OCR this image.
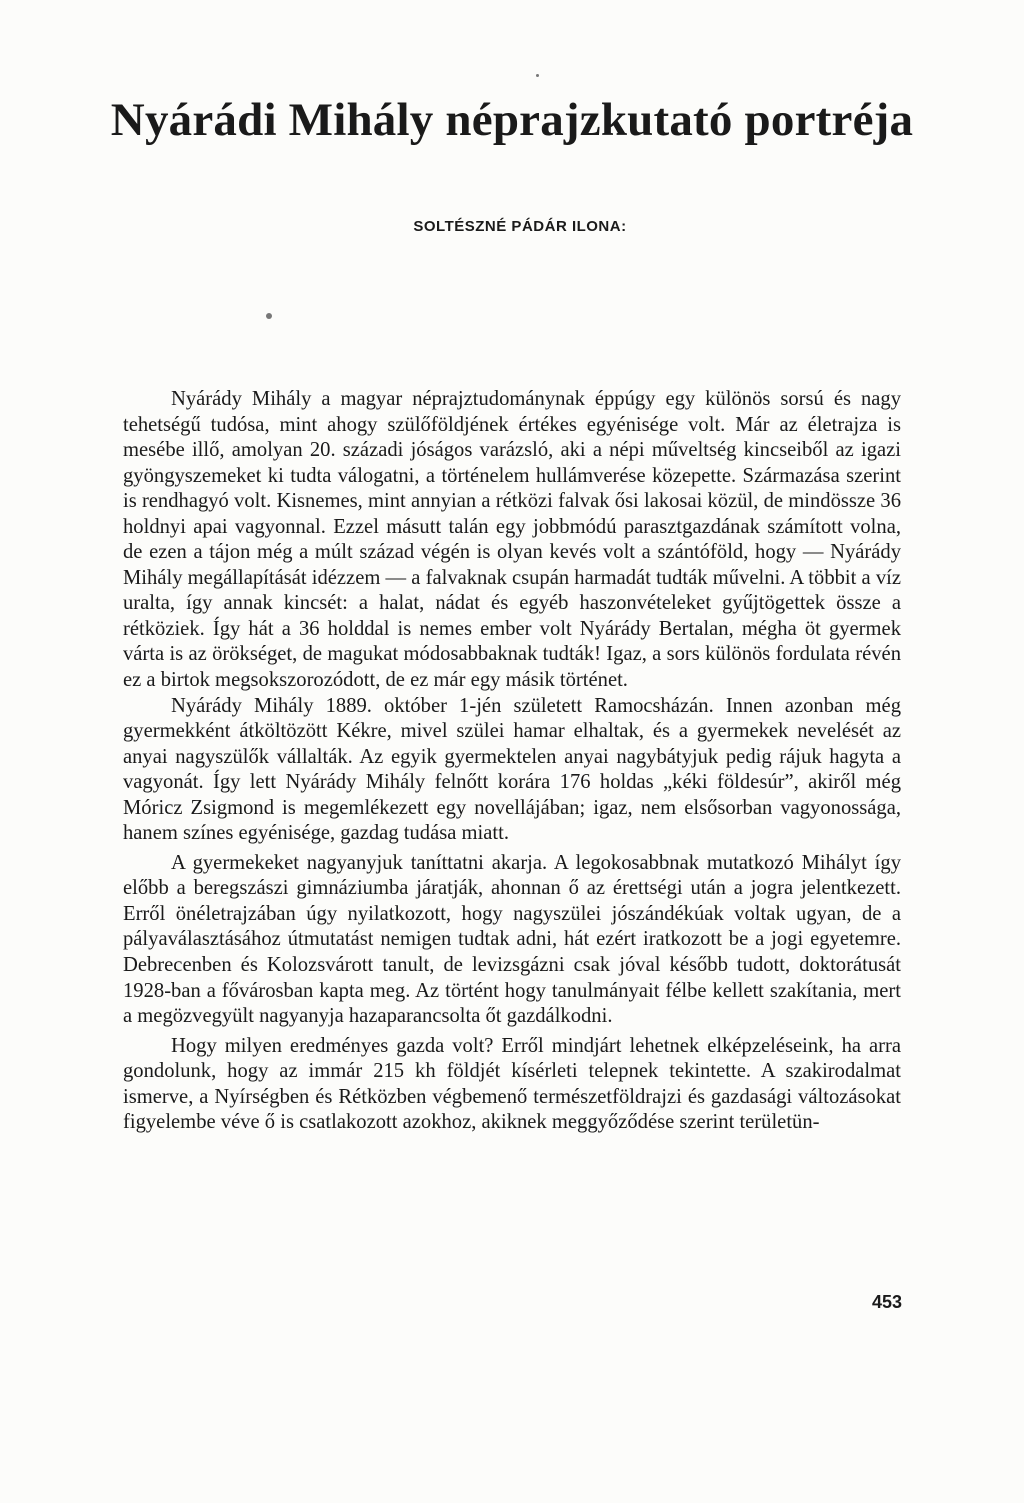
Nyárádi Mihály néprajzkutató portréja

SOLTÉSZNÉ PÁDÁR ILONA:

Nyárády Mihály a magyar néprajztudománynak éppúgy egy különös sorsú és nagy tehetségű tudósa, mint ahogy szülőföldjének értékes egyénisége volt. Már az életrajza is mesébe illő, amolyan 20. századi jóságos varázsló, aki a népi műveltség kincseiből az igazi gyöngyszemeket ki tudta válogatni, a történelem hullámverése közepette. Származása szerint is rendhagyó volt. Kisnemes, mint annyian a rétközi falvak ősi lakosai közül, de mindössze 36 holdnyi apai vagyonnal. Ezzel másutt talán egy jobbmódú parasztgazdának számított volna, de ezen a tájon még a múlt század végén is olyan kevés volt a szántóföld, hogy — Nyárády Mihály megállapítását idézzem — a falvaknak csupán harmadát tudták művelni. A többit a víz uralta, így annak kincsét: a halat, nádat és egyéb haszonvételeket gyűjtögettek össze a rétköziek. Így hát a 36 holddal is nemes ember volt Nyárády Bertalan, mégha öt gyermek várta is az örökséget, de magukat módosabbaknak tudták! Igaz, a sors különös fordulata révén ez a birtok megsokszorozódott, de ez már egy másik történet.

Nyárády Mihály 1889. október 1-jén született Ramocsházán. Innen azonban még gyermekként átköltözött Kékre, mivel szülei hamar elhaltak, és a gyermekek nevelését az anyai nagyszülők vállalták. Az egyik gyermektelen anyai nagybátyjuk pedig rájuk hagyta a vagyonát. Így lett Nyárády Mihály felnőtt korára 176 holdas „kéki földesúr”, akiről még Móricz Zsigmond is megemlékezett egy novellájában; igaz, nem elsősorban vagyonossága, hanem színes egyénisége, gazdag tudása miatt.

A gyermekeket nagyanyjuk taníttatni akarja. A legokosabbnak mutatkozó Mihályt így előbb a beregszászi gimnáziumba járatják, ahonnan ő az érettségi után a jogra jelentkezett. Erről önéletrajzában úgy nyilatkozott, hogy nagyszülei jószándékúak voltak ugyan, de a pályaválasztásához útmutatást nemigen tudtak adni, hát ezért iratkozott be a jogi egyetemre. Debrecenben és Kolozsvárott tanult, de levizsgázni csak jóval később tudott, doktorátusát 1928-ban a fővárosban kapta meg. Az történt hogy tanulmányait félbe kellett szakítania, mert a megözvegyült nagyanyja hazaparancsolta őt gazdálkodni.

Hogy milyen eredményes gazda volt? Erről mindjárt lehetnek elképzeléseink, ha arra gondolunk, hogy az immár 215 kh földjét kísérleti telepnek tekintette. A szakirodalmat ismerve, a Nyírségben és Rétközben végbemenő természetföldrajzi és gazdasági változásokat figyelembe véve ő is csatlakozott azokhoz, akiknek meggyőződése szerint területün-

453
